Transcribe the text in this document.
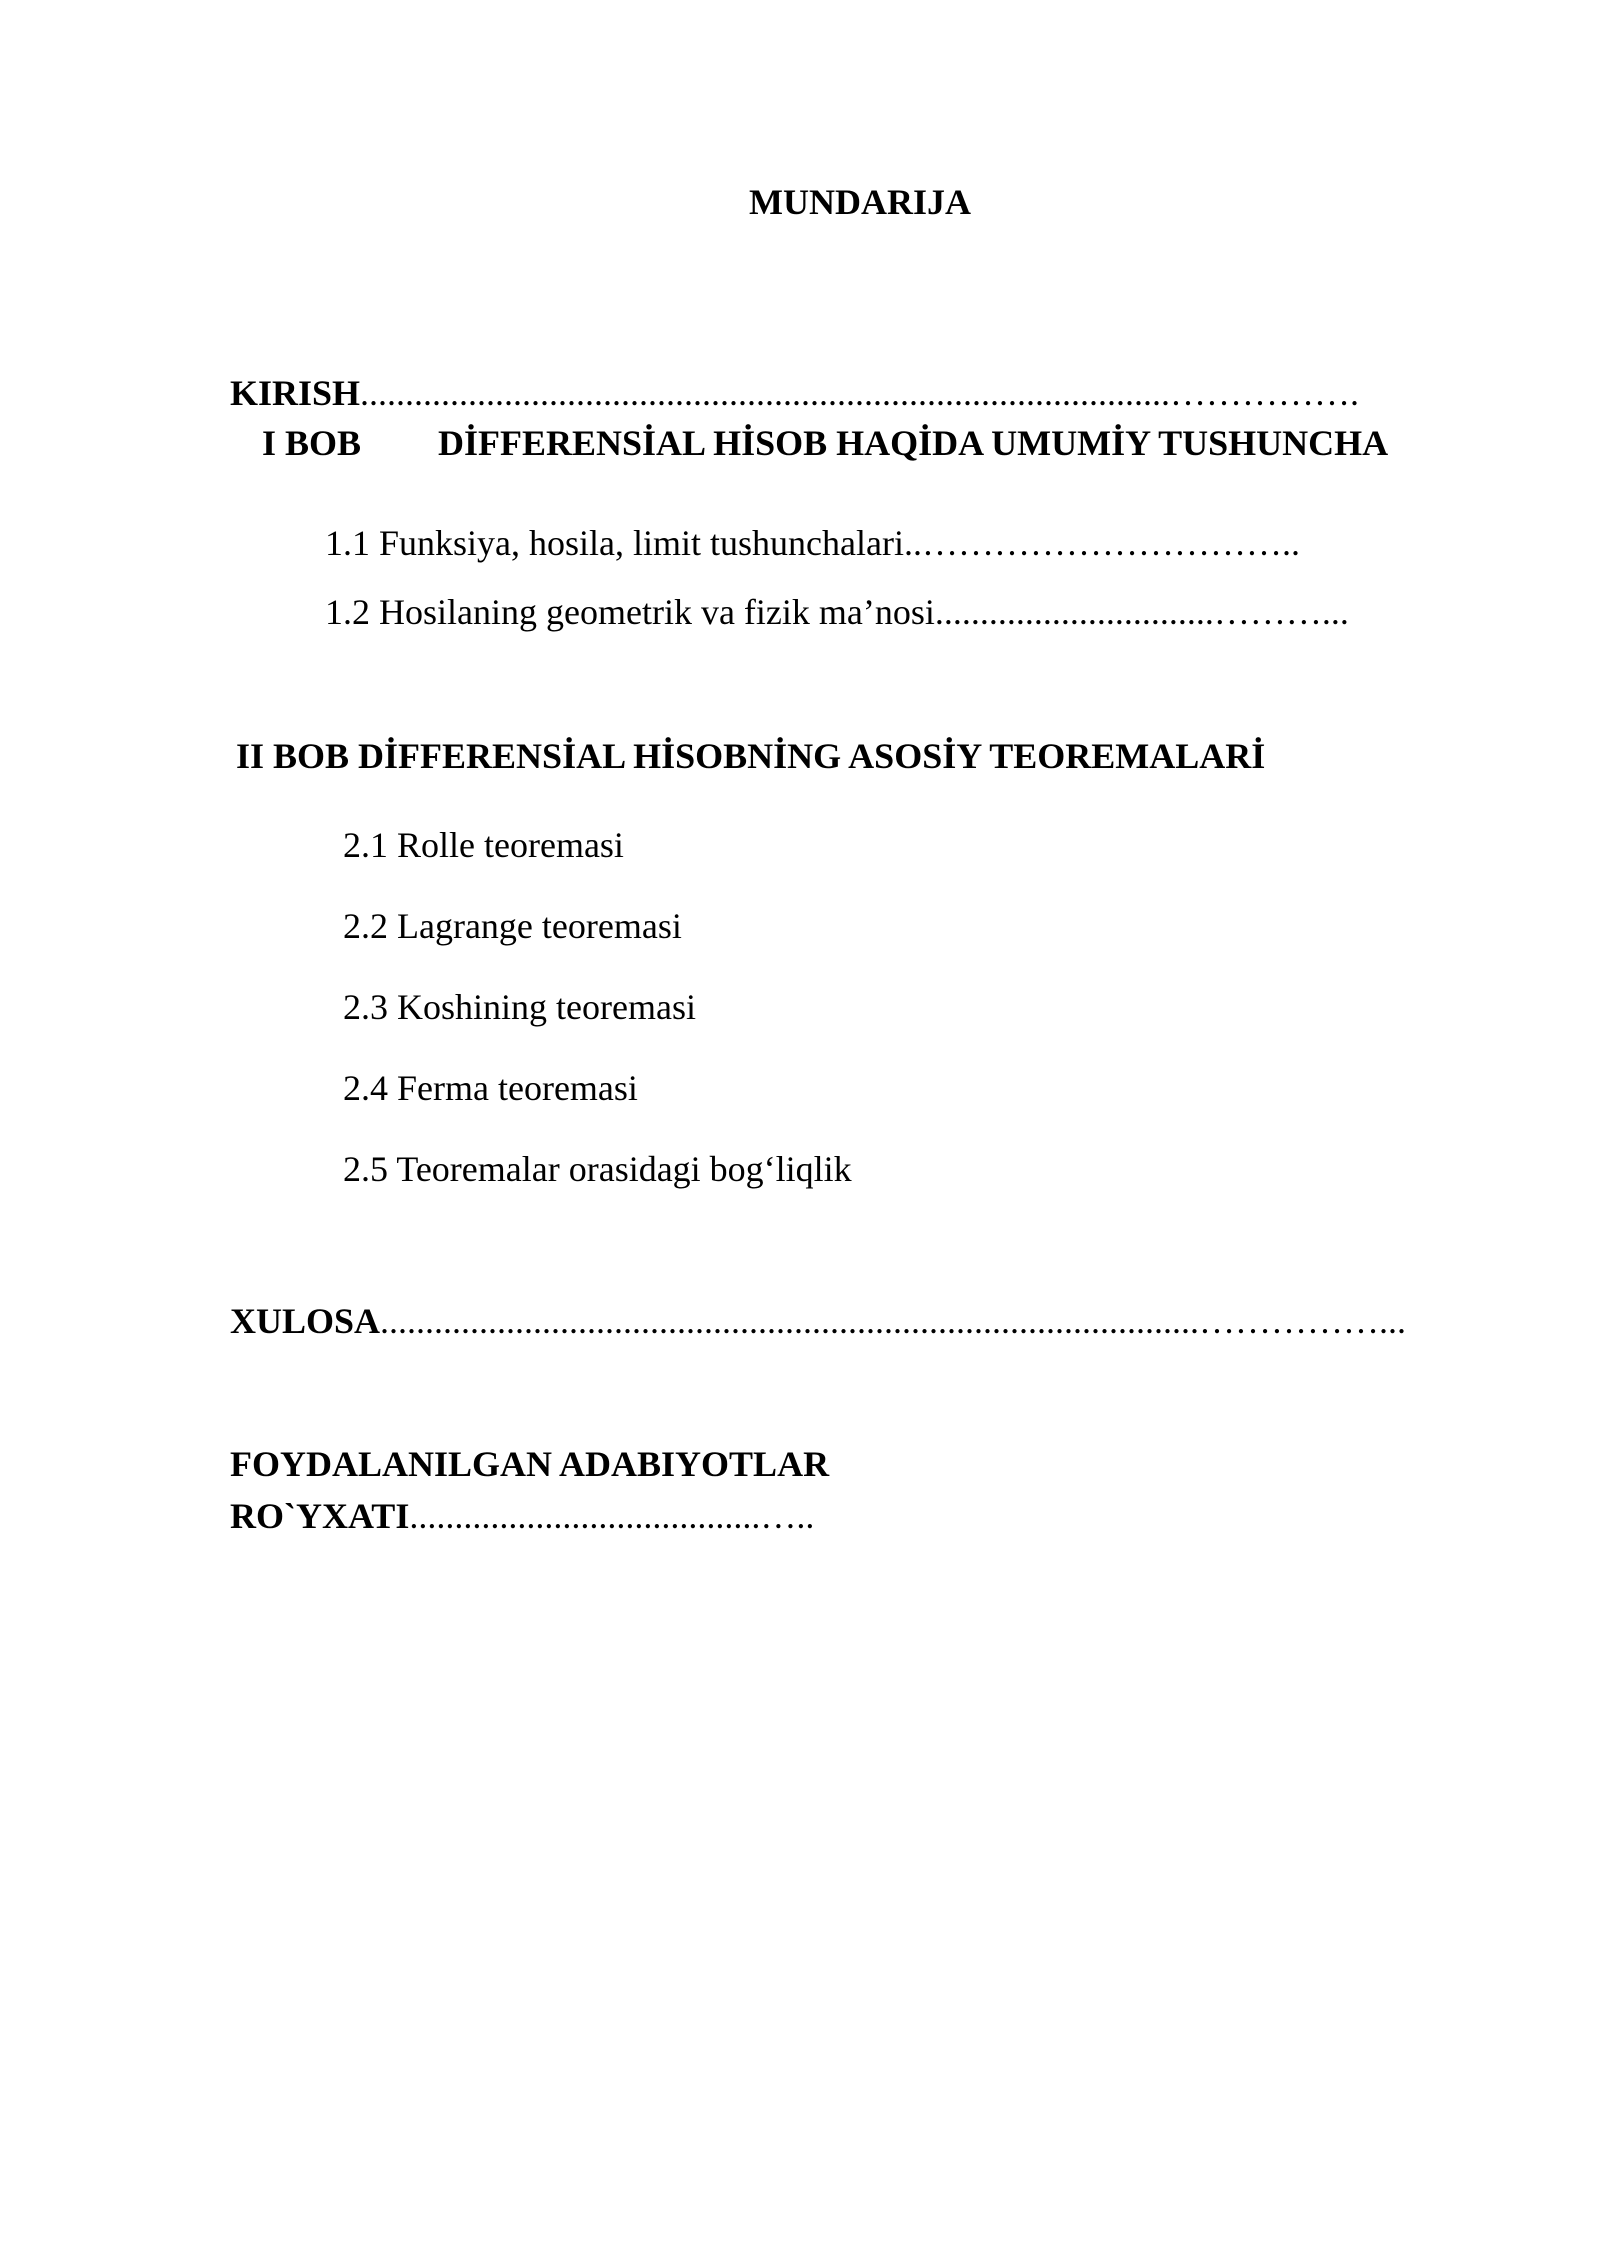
MUNDARIJA
KIRISH..........................................................................................…………….
I BOB DİFFERENSİAL HİSOB HAQİDA UMUMİY TUSHUNCHA
1.1 Funksiya, hosila, limit tushunchalari..…………………………..
1.2 Hosilaning geometrik va fizik ma’nosi...............................………...
II BOB DİFFERENSİAL HİSOBNİNG ASOSİY TEOREMALARİ
2.1 Rolle teoremasi
2.2 Lagrange teoremasi
2.3 Koshining teoremasi
2.4 Ferma teoremasi
2.5 Teoremalar orasidagi bog‘liqlik
XULOSA...........................................................................................……………...
FOYDALANILGAN ADABIYOTLAR
RO`YXATI.......................................…..
